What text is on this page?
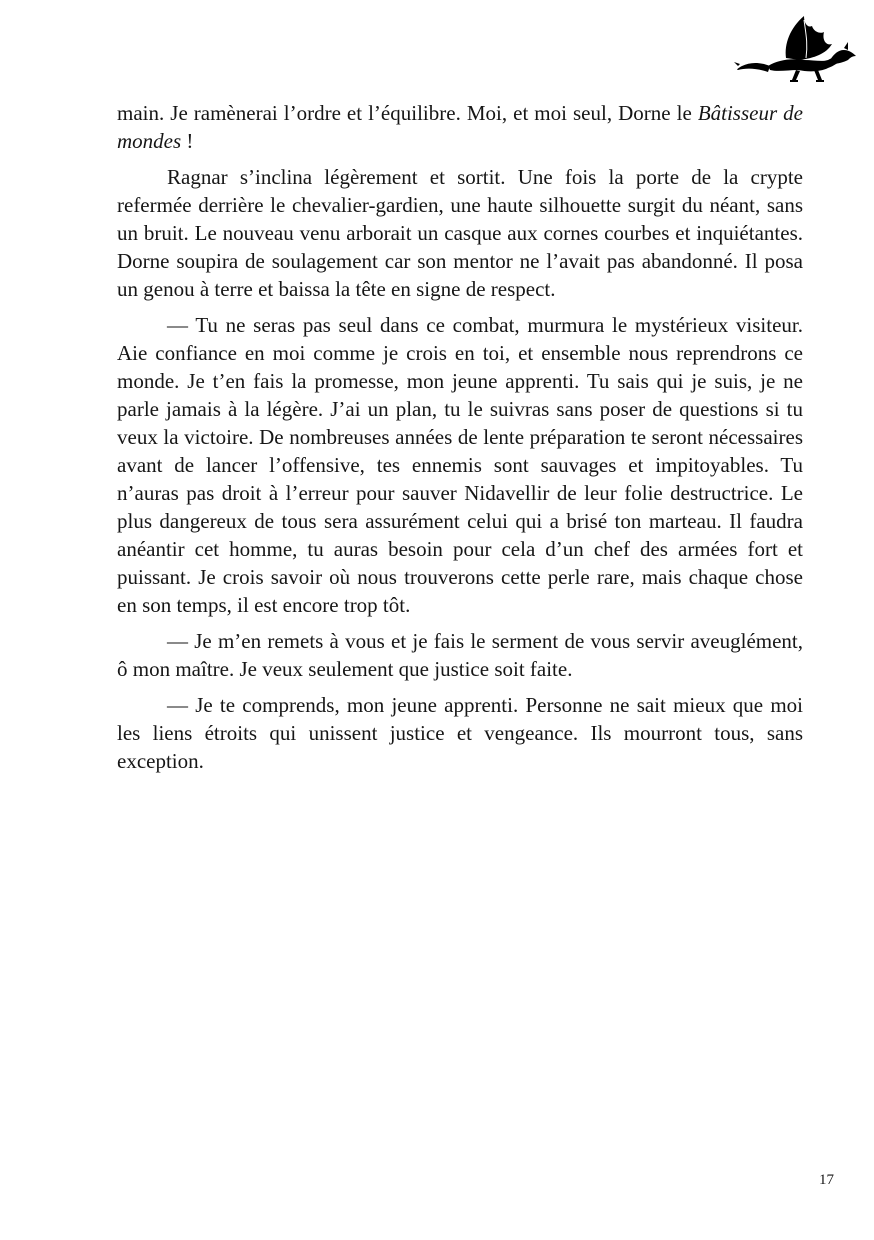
main. Je ramènerai l’ordre et l’équilibre. Moi, et moi seul, Dorne le Bâtisseur de mondes !

Ragnar s’inclina légèrement et sortit. Une fois la porte de la crypte refermée derrière le chevalier-gardien, une haute silhouette surgit du néant, sans un bruit. Le nouveau venu arborait un casque aux cornes courbes et inquiétantes. Dorne soupira de soulagement car son mentor ne l’avait pas abandonné. Il posa un genou à terre et baissa la tête en signe de respect.

— Tu ne seras pas seul dans ce combat, murmura le mystérieux visiteur. Aie confiance en moi comme je crois en toi, et ensemble nous reprendrons ce monde. Je t’en fais la promesse, mon jeune apprenti. Tu sais qui je suis, je ne parle jamais à la légère. J’ai un plan, tu le suivras sans poser de questions si tu veux la victoire. De nombreuses années de lente préparation te seront nécessaires avant de lancer l’offensive, tes ennemis sont sauvages et impitoyables. Tu n’auras pas droit à l’erreur pour sauver Nidavellir de leur folie destructrice. Le plus dangereux de tous sera assurément celui qui a brisé ton marteau. Il faudra anéantir cet homme, tu auras besoin pour cela d’un chef des armées fort et puissant. Je crois savoir où nous trouverons cette perle rare, mais chaque chose en son temps, il est encore trop tôt.

— Je m’en remets à vous et je fais le serment de vous servir aveuglément, ô mon maître. Je veux seulement que justice soit faite.

— Je te comprends, mon jeune apprenti. Personne ne sait mieux que moi les liens étroits qui unissent justice et vengeance. Ils mourront tous, sans exception.

17
